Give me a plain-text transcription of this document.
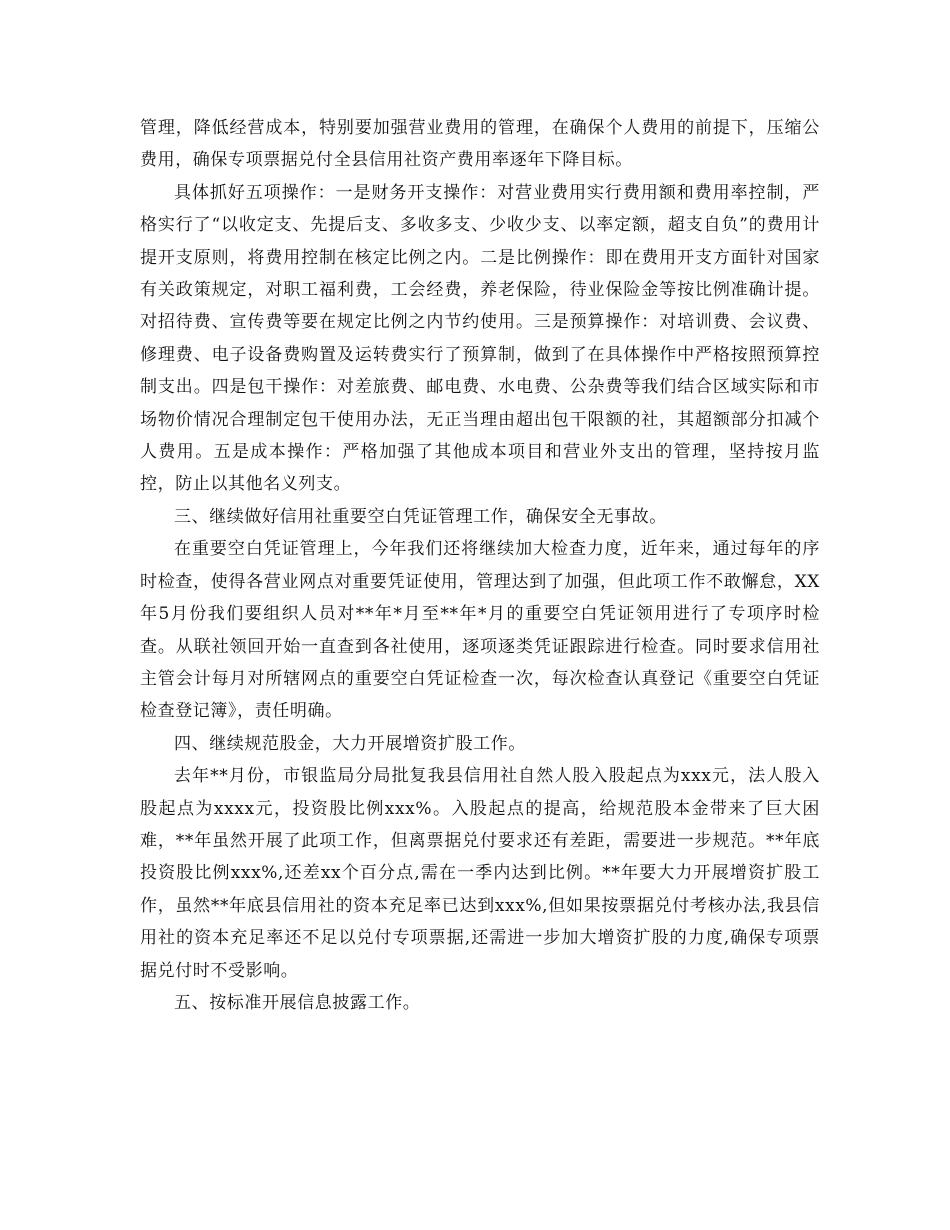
管理，降低经营成本，特别要加强营业费用的管理，在确保个人费用的前提下，压缩公费用，确保专项票据兑付全县信用社资产费用率逐年下降目标。

具体抓好五项操作：一是财务开支操作：对营业费用实行费用额和费用率控制，严格实行了“以收定支、先提后支、多收多支、少收少支、以率定额，超支自负”的费用计提开支原则，将费用控制在核定比例之内。二是比例操作：即在费用开支方面针对国家有关政策规定，对职工福利费，工会经费，养老保险，待业保险金等按比例准确计提。对招待费、宣传费等要在规定比例之内节约使用。三是预算操作：对培训费、会议费、修理费、电子设备费购置及运转费实行了预算制，做到了在具体操作中严格按照预算控制支出。四是包干操作：对差旅费、邮电费、水电费、公杂费等我们结合区域实际和市场物价情况合理制定包干使用办法，无正当理由超出包干限额的社，其超额部分扣减个人费用。五是成本操作：严格加强了其他成本项目和营业外支出的管理，坚持按月监控，防止以其他名义列支。

三、继续做好信用社重要空白凭证管理工作，确保安全无事故。

在重要空白凭证管理上，今年我们还将继续加大检查力度，近年来，通过每年的序时检查，使得各营业网点对重要凭证使用，管理达到了加强，但此项工作不敢懈怠，XX年5月份我们要组织人员对**年*月至**年*月的重要空白凭证领用进行了专项序时检查。从联社领回开始一直查到各社使用，逐项逐类凭证跟踪进行检查。同时要求信用社主管会计每月对所辖网点的重要空白凭证检查一次，每次检查认真登记《重要空白凭证检查登记簿》，责任明确。

四、继续规范股金，大力开展增资扩股工作。

去年**月份，市银监局分局批复我县信用社自然人股入股起点为xxx元，法人股入股起点为xxxx元，投资股比例xxx%。入股起点的提高，给规范股本金带来了巨大困难，**年虽然开展了此项工作，但离票据兑付要求还有差距，需要进一步规范。**年底投资股比例xxx%,还差xx个百分点,需在一季内达到比例。**年要大力开展增资扩股工作，虽然**年底县信用社的资本充足率已达到xxx%,但如果按票据兑付考核办法,我县信用社的资本充足率还不足以兑付专项票据,还需进一步加大增资扩股的力度,确保专项票据兑付时不受影响。

五、按标准开展信息披露工作。
